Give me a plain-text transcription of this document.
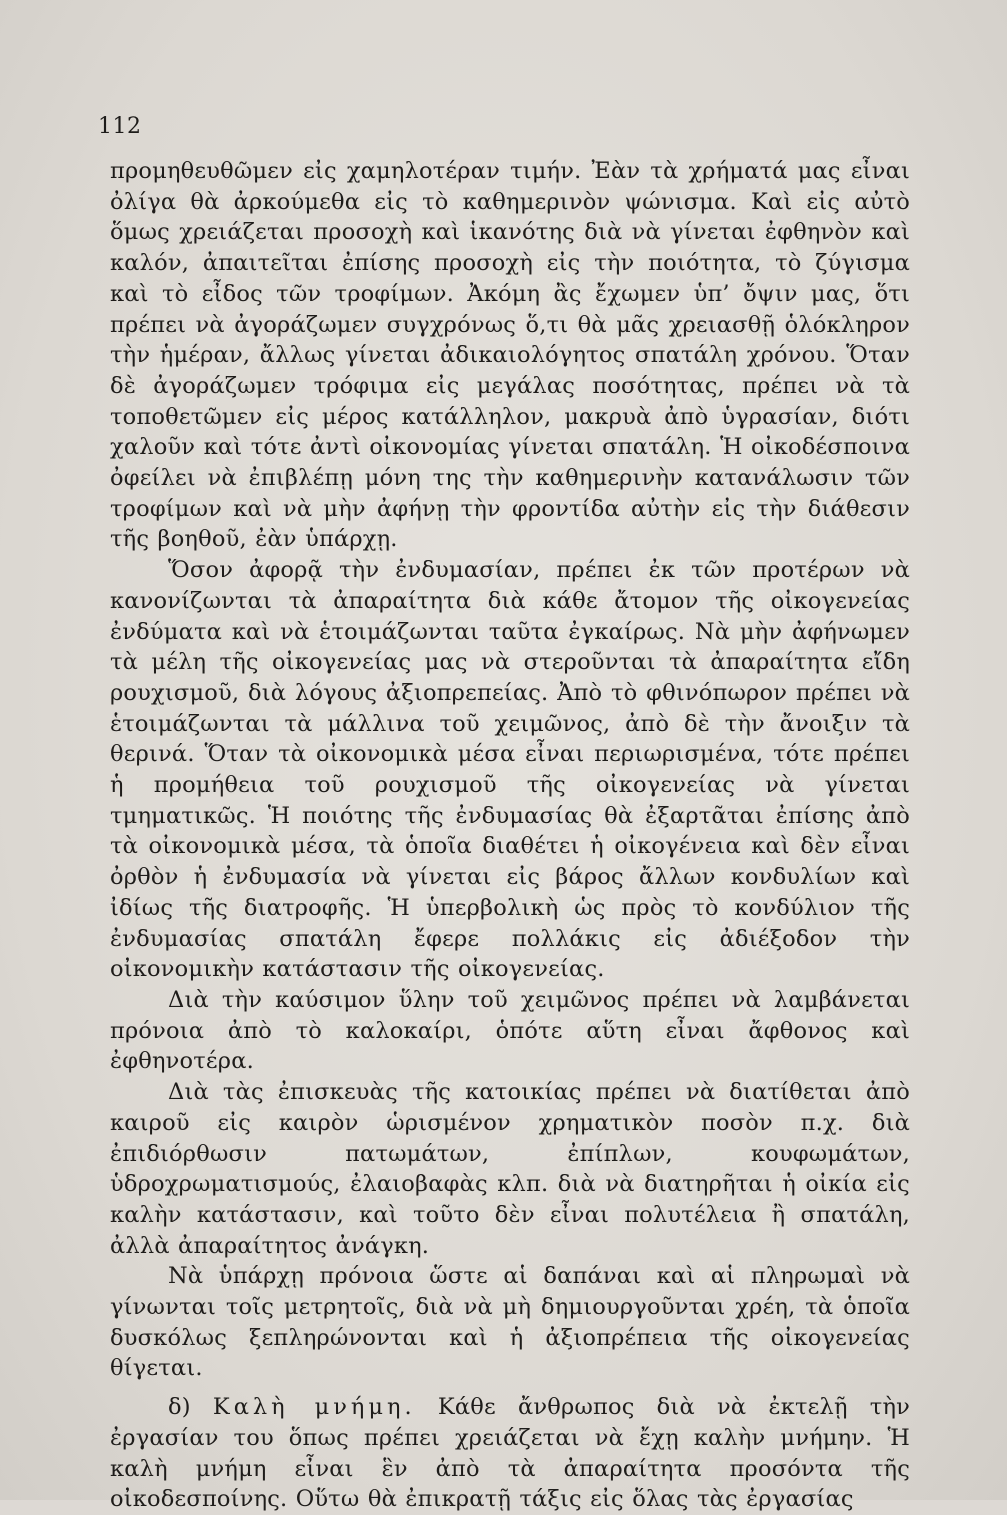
112

προμηθευθῶμεν εἰς χαμηλοτέραν τιμήν. Ἐὰν τὰ χρήματά μας εἶναι ὀλίγα θὰ ἀρκούμεθα εἰς τὸ καθημερινὸν ψώνισμα. Καὶ εἰς αὐτὸ ὅμως χρειάζεται προσοχὴ καὶ ἱκανότης διὰ νὰ γίνεται ἐφθηνὸν καὶ καλόν, ἀπαιτεῖται ἐπίσης προσοχὴ εἰς τὴν ποιότητα, τὸ ζύγισμα καὶ τὸ εἶδος τῶν τροφίμων. Ἀκόμη ἂς ἔχωμεν ὑπ’ ὄψιν μας, ὅτι πρέπει νὰ ἀγοράζωμεν συγχρόνως ὅ,τι θὰ μᾶς χρειασθῇ ὁλόκληρον τὴν ἡμέραν, ἄλλως γίνεται ἀδικαιολόγητος σπατάλη χρόνου. Ὅταν δὲ ἀγοράζωμεν τρόφιμα εἰς μεγάλας ποσότητας, πρέπει νὰ τὰ τοποθετῶμεν εἰς μέρος κατάλληλον, μακρυὰ ἀπὸ ὑγρασίαν, διότι χαλοῦν καὶ τότε ἀντὶ οἰκονομίας γίνεται σπατάλη. Ἡ οἰκοδέσποινα ὀφείλει νὰ ἐπιβλέπῃ μόνη της τὴν καθημερινὴν κατανάλωσιν τῶν τροφίμων καὶ νὰ μὴν ἀφήνῃ τὴν φροντίδα αὐτὴν εἰς τὴν διάθεσιν τῆς βοηθοῦ, ἐὰν ὑπάρχῃ.

Ὅσον ἀφορᾷ τὴν ἐνδυμασίαν, πρέπει ἐκ τῶν προτέρων νὰ κανονίζωνται τὰ ἀπαραίτητα διὰ κάθε ἄτομον τῆς οἰκογενείας ἐνδύματα καὶ νὰ ἑτοιμάζωνται ταῦτα ἐγκαίρως. Νὰ μὴν ἀφήνωμεν τὰ μέλη τῆς οἰκογενείας μας νὰ στεροῦνται τὰ ἀπαραίτητα εἴδη ρουχισμοῦ, διὰ λόγους ἀξιοπρεπείας. Ἀπὸ τὸ φθινόπωρον πρέπει νὰ ἑτοιμάζωνται τὰ μάλλινα τοῦ χειμῶνος, ἀπὸ δὲ τὴν ἄνοιξιν τὰ θερινά. Ὅταν τὰ οἰκονομικὰ μέσα εἶναι περιωρισμένα, τότε πρέπει ἡ προμήθεια τοῦ ρουχισμοῦ τῆς οἰκογενείας νὰ γίνεται τμηματικῶς. Ἡ ποιότης τῆς ἐνδυμασίας θὰ ἐξαρτᾶται ἐπίσης ἀπὸ τὰ οἰκονομικὰ μέσα, τὰ ὁποῖα διαθέτει ἡ οἰκογένεια καὶ δὲν εἶναι ὀρθὸν ἡ ἐνδυμασία νὰ γίνεται εἰς βάρος ἄλλων κονδυλίων καὶ ἰδίως τῆς διατροφῆς. Ἡ ὑπερβολικὴ ὡς πρὸς τὸ κονδύλιον τῆς ἐνδυμασίας σπατάλη ἔφερε πολλάκις εἰς ἀδιέξοδον τὴν οἰκονομικὴν κατάστασιν τῆς οἰκογενείας.

Διὰ τὴν καύσιμον ὕλην τοῦ χειμῶνος πρέπει νὰ λαμβάνεται πρόνοια ἀπὸ τὸ καλοκαίρι, ὁπότε αὕτη εἶναι ἄφθονος καὶ ἐφθηνοτέρα.

Διὰ τὰς ἐπισκευὰς τῆς κατοικίας πρέπει νὰ διατίθεται ἀπὸ καιροῦ εἰς καιρὸν ὡρισμένον χρηματικὸν ποσὸν π.χ. διὰ ἐπιδιόρθωσιν πατωμάτων, ἐπίπλων, κουφωμάτων, ὑδροχρωματισμούς, ἐλαιοβαφὰς κλπ. διὰ νὰ διατηρῆται ἡ οἰκία εἰς καλὴν κατάστασιν, καὶ τοῦτο δὲν εἶναι πολυτέλεια ἢ σπατάλη, ἀλλὰ ἀπαραίτητος ἀνάγκη.

Νὰ ὑπάρχῃ πρόνοια ὥστε αἱ δαπάναι καὶ αἱ πληρωμαὶ νὰ γίνωνται τοῖς μετρητοῖς, διὰ νὰ μὴ δημιουργοῦνται χρέη, τὰ ὁποῖα δυσκόλως ξεπληρώνονται καὶ ἡ ἀξιοπρέπεια τῆς οἰκογενείας θίγεται.

δ) Καλὴ μνήμη. Κάθε ἄνθρωπος διὰ νὰ ἐκτελῇ τὴν ἐργασίαν του ὅπως πρέπει χρειάζεται νὰ ἔχῃ καλὴν μνήμην. Ἡ καλὴ μνήμη εἶναι ἓν ἀπὸ τὰ ἀπαραίτητα προσόντα τῆς οἰκοδεσποίνης. Οὕτω θὰ ἐπικρατῇ τάξις εἰς ὅλας τὰς ἐργασίας
